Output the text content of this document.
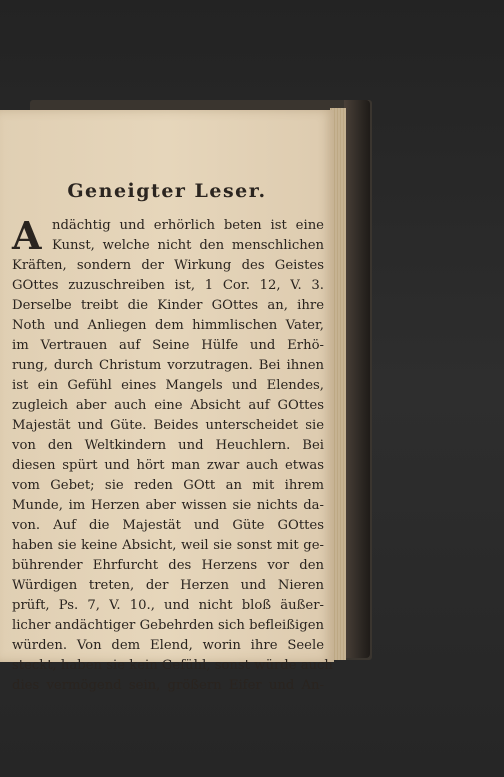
Geneigter Leser.
A ndächtig und erhörlich beten ist eine
Kunst, welche nicht den menschlichen
Kräften, sondern der Wirkung des Geistes
GOttes zuzuschreiben ist, 1 Cor. 12, V. 3.
Derselbe treibt die Kinder GOttes an, ihre
Noth und Anliegen dem himmlischen Vater,
im Vertrauen auf Seine Hülfe und Erhö-
rung, durch Christum vorzutragen. Bei ihnen
ist ein Gefühl eines Mangels und Elendes,
zugleich aber auch eine Absicht auf GOttes
Majestät und Güte. Beides unterscheidet sie
von den Weltkindern und Heuchlern. Bei
diesen spürt und hört man zwar auch etwas
vom Gebet; sie reden GOtt an mit ihrem
Munde, im Herzen aber wissen sie nichts da-
von. Auf die Majestät und Güte GOttes
haben sie keine Absicht, weil sie sonst mit ge-
bührender Ehrfurcht des Herzens vor den
Würdigen treten, der Herzen und Nieren
prüft, Ps. 7, V. 10., und nicht bloß äußer-
licher andächtiger Gebehrden sich befleißigen
würden. Von dem Elend, worin ihre Seele
steckt, haben sie kein Gefühl, sonst würde auch
dies vermögend sein, größern Eifer und An-
